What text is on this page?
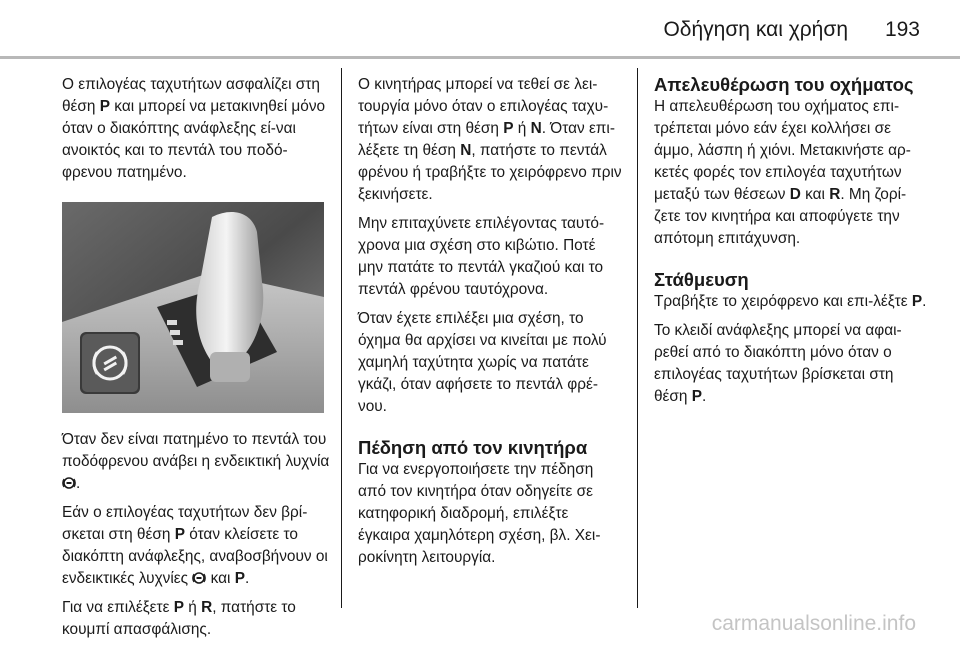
Οδήγηση και χρήση 193

Ο επιλογέας ταχυτήτων ασφαλίζει στη θέση P και μπορεί να μετακινηθεί μόνο όταν ο διακόπτης ανάφλεξης εί-ναι ανοικτός και το πεντάλ του ποδό-φρενου πατημένο.

Όταν δεν είναι πατημένο το πεντάλ του ποδόφρενου ανάβει η ενδεικτική λυχνία .

Εάν ο επιλογέας ταχυτήτων δεν βρί-σκεται στη θέση P όταν κλείσετε το διακόπτη ανάφλεξης, αναβοσβήνουν οι ενδεικτικές λυχνίες  και P.

Για να επιλέξετε P ή R, πατήστε το κουμπί απασφάλισης.

Ο κινητήρας μπορεί να τεθεί σε λει-τουργία μόνο όταν ο επιλογέας ταχυ-τήτων είναι στη θέση P ή N. Όταν επι-λέξετε τη θέση N, πατήστε το πεντάλ φρένου ή τραβήξτε το χειρόφρενο πριν ξεκινήσετε.

Μην επιταχύνετε επιλέγοντας ταυτό-χρονα μια σχέση στο κιβώτιο. Ποτέ μην πατάτε το πεντάλ γκαζιού και το πεντάλ φρένου ταυτόχρονα.

Όταν έχετε επιλέξει μια σχέση, το όχημα θα αρχίσει να κινείται με πολύ χαμηλή ταχύτητα χωρίς να πατάτε γκάζι, όταν αφήσετε το πεντάλ φρέ-νου.

Πέδηση από τον κινητήρα

Για να ενεργοποιήσετε την πέδηση από τον κινητήρα όταν οδηγείτε σε κατηφορική διαδρομή, επιλέξτε έγκαιρα χαμηλότερη σχέση, βλ. Χει-ροκίνητη λειτουργία.

Απελευθέρωση του οχήματος

Η απελευθέρωση του οχήματος επι-τρέπεται μόνο εάν έχει κολλήσει σε άμμο, λάσπη ή χιόνι. Μετακινήστε αρ-κετές φορές τον επιλογέα ταχυτήτων μεταξύ των θέσεων D και R. Μη ζορί-ζετε τον κινητήρα και αποφύγετε την απότομη επιτάχυνση.

Στάθμευση

Τραβήξτε το χειρόφρενο και επι-λέξτε P.

Το κλειδί ανάφλεξης μπορεί να αφαι-ρεθεί από το διακόπτη μόνο όταν ο επιλογέας ταχυτήτων βρίσκεται στη θέση P.

carmanualsonline.info
